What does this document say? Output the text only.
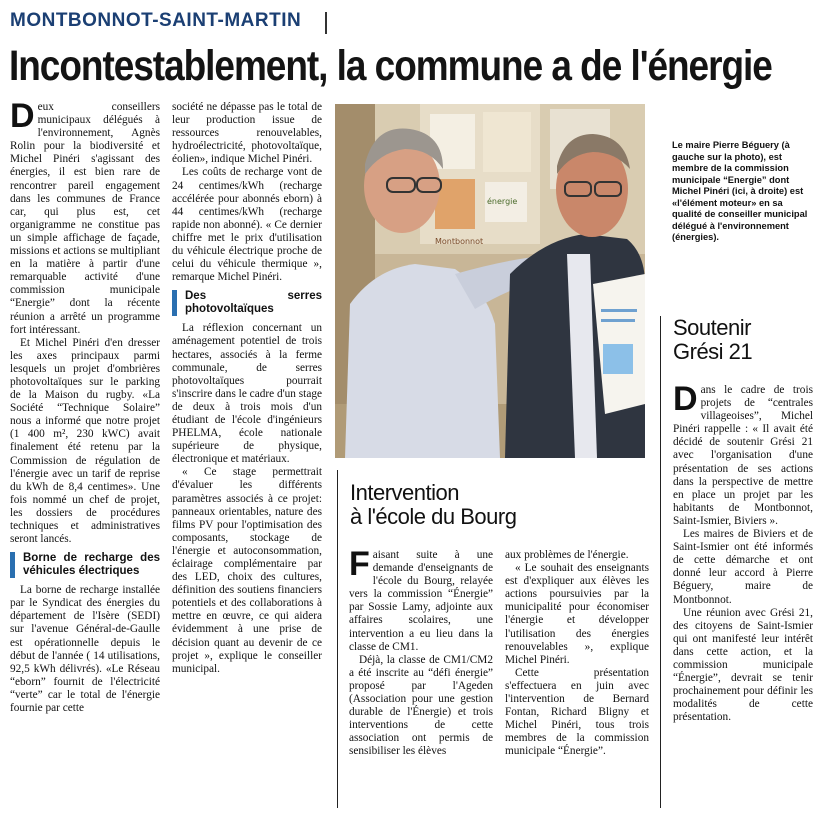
MONTBONNOT-SAINT-MARTIN
Incontestablement, la commune a de l'énergie
D eux conseillers municipaux délégués à l'environnement, Agnès Rolin pour la biodiversité et Michel Pinéri s'agissant des énergies, il est bien rare de rencontrer pareil engagement dans les communes de France car, qui plus est, cet organigramme ne constitue pas un simple affichage de façade, missions et actions se multipliant en la matière à partir d'une remarquable activité d'une commission municipale “Energie” dont la récente réunion a arrêté un programme fort intéressant.

Et Michel Pinéri d'en dresser les axes principaux parmi lesquels un projet d'ombrières photovoltaïques sur le parking de la Maison du rugby. «La Société “Technique Solaire” nous a informé que notre projet (1 400 m², 230 kWC) avait finalement été retenu par la Commission de régulation de l'énergie avec un tarif de reprise du kWh de 8,4 centimes». Une fois nommé un chef de projet, les dossiers de procédures techniques et administratives seront lancés.

Borne de recharge des véhicules électriques

La borne de recharge installée par le Syndicat des énergies du département de l'Isère (SEDI) sur l'avenue Général-de-Gaulle est opérationnelle depuis le début de l'année ( 14 utilisations, 92,5 kWh délivrés). «Le Réseau “eborn” fournit de l'électricité “verte” car le total de l'énergie fournie par cette

société ne dépasse pas le total de leur production issue de ressources renouvelables, hydroélectricité, photovoltaïque, éolien», indique Michel Pinéri.

Les coûts de recharge vont de 24 centimes/kWh (recharge accélérée pour abonnés eborn) à 44 centimes/kWh (recharge rapide non abonné). « Ce dernier chiffre met le prix d'utilisation du véhicule électrique proche de celui du véhicule thermique », remarque Michel Pinéri.

Des serres photovoltaïques

La réflexion concernant un aménagement potentiel de trois hectares, associés à la ferme communale, de serres photovoltaïques pourrait s'inscrire dans le cadre d'un stage de deux à trois mois d'un étudiant de l'école d'ingénieurs PHELMA, école nationale supérieure de physique, électronique et matériaux.

« Ce stage permettrait d'évaluer les différents paramètres associés à ce projet: panneaux orientables, nature des films PV pour l'optimisation des composants, stockage de l'énergie et autoconsommation, éclairage complémentaire par des LED, choix des cultures, définition des soutiens financiers potentiels et des collaborations à mettre en œuvre, ce qui aidera évidemment à une prise de décision quant au devenir de ce projet », explique le conseiller municipal.

Montbonnot
énergie
Le maire Pierre Béguery (à gauche sur la photo), est membre de la commission municipale “Energie” dont Michel Pinéri (ici, à droite) est «l'élément moteur» en sa qualité de conseiller municipal délégué à l'environnement (énergies).
Intervention
à l'école du Bourg
F aisant suite à une demande d'enseignants de l'école du Bourg, relayée vers la commission “Énergie” par Sossie Lamy, adjointe aux affaires scolaires, une intervention a eu lieu dans la classe de CM1.

Déjà, la classe de CM1/CM2 a été inscrite au “défi énergie” proposé par l'Ageden (Association pour une gestion durable de l'Énergie) et trois interventions de cette association ont permis de sensibiliser les élèves

aux problèmes de l'énergie.

« Le souhait des enseignants est d'expliquer aux élèves les actions poursuivies par la municipalité pour économiser l'énergie et développer l'utilisation des énergies renouvelables », explique Michel Pinéri.

Cette présentation s'effectuera en juin avec l'intervention de Bernard Fontan, Richard Bligny et Michel Pinéri, tous trois membres de la commission municipale “Énergie”.

Soutenir
Grési 21
D ans le cadre de trois projets de “centrales villageoises”, Michel Pinéri rappelle : « Il avait été décidé de soutenir Grési 21 avec l'organisation d'une présentation de ses actions dans la perspective de mettre en place un projet par les habitants de Montbonnot, Saint-Ismier, Biviers ».

Les maires de Biviers et de Saint-Ismier ont été informés de cette démarche et ont donné leur accord à Pierre Béguery, maire de Montbonnot.

Une réunion avec Grési 21, des citoyens de Saint-Ismier qui ont manifesté leur intérêt dans cette action, et la commission municipale “Énergie”, devrait se tenir prochainement pour définir les modalités de cette présentation.
